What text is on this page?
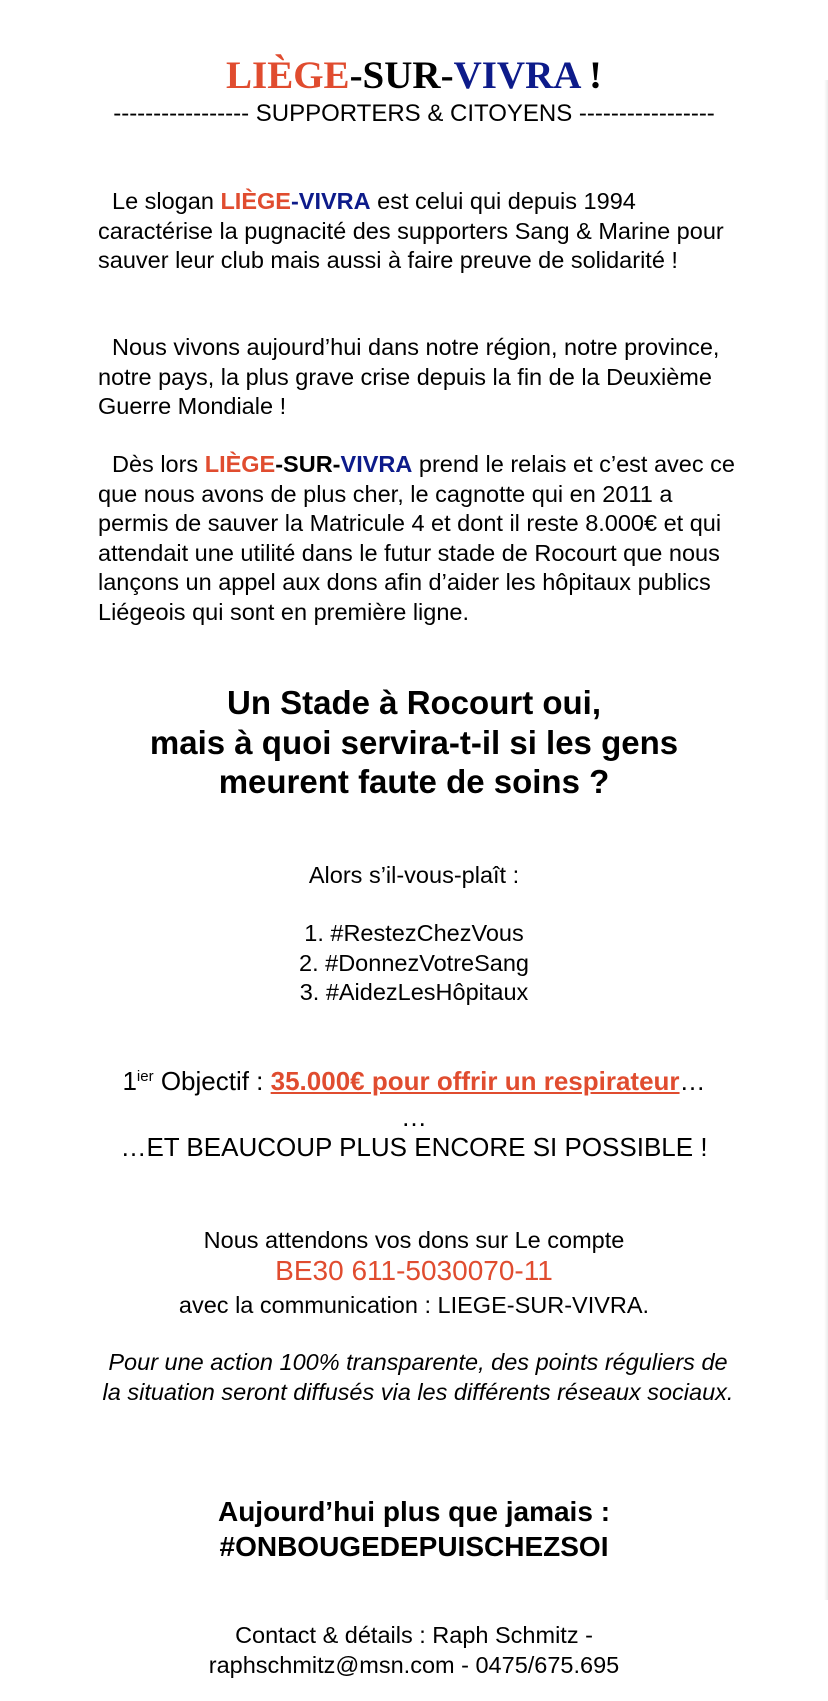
LIÈGE-SUR-VIVRA !
----------------- SUPPORTERS & CITOYENS -----------------
Le slogan LIÈGE-VIVRA est celui qui depuis 1994 caractérise la pugnacité des supporters Sang & Marine pour sauver leur club mais aussi à faire preuve de solidarité !
Nous vivons aujourd’hui dans notre région, notre province, notre pays, la plus grave crise depuis la fin de la Deuxième Guerre Mondiale !
Dès lors LIÈGE-SUR-VIVRA prend le relais et c’est avec ce que nous avons de plus cher, le cagnotte qui en 2011 a permis de sauver la Matricule 4 et dont il reste 8.000€ et qui attendait une utilité dans le futur stade de Rocourt que nous lançons un appel aux dons afin d’aider les hôpitaux publics Liégeois qui sont en première ligne.
Un Stade à Rocourt oui,
mais à quoi servira-t-il si les gens
meurent faute de soins ?
Alors s’il-vous-plaît :
1. #RestezChezVous
2. #DonnezVotreSang
3. #AidezLesHôpitaux
$1^{ier}$ Objectif : 35.000€ pour offrir un respirateur…
…
…ET BEAUCOUP PLUS ENCORE SI POSSIBLE !
Nous attendons vos dons sur Le compte
BE30 611-5030070-11
avec la communication : LIEGE-SUR-VIVRA.
Pour une action 100% transparente, des points réguliers de la situation seront diffusés via les différents réseaux sociaux.
Aujourd’hui plus que jamais :
#ONBOUGEDEPUISCHEZSOI
Contact & détails : Raph Schmitz -
raphschmitz@msn.com - 0475/675.695
